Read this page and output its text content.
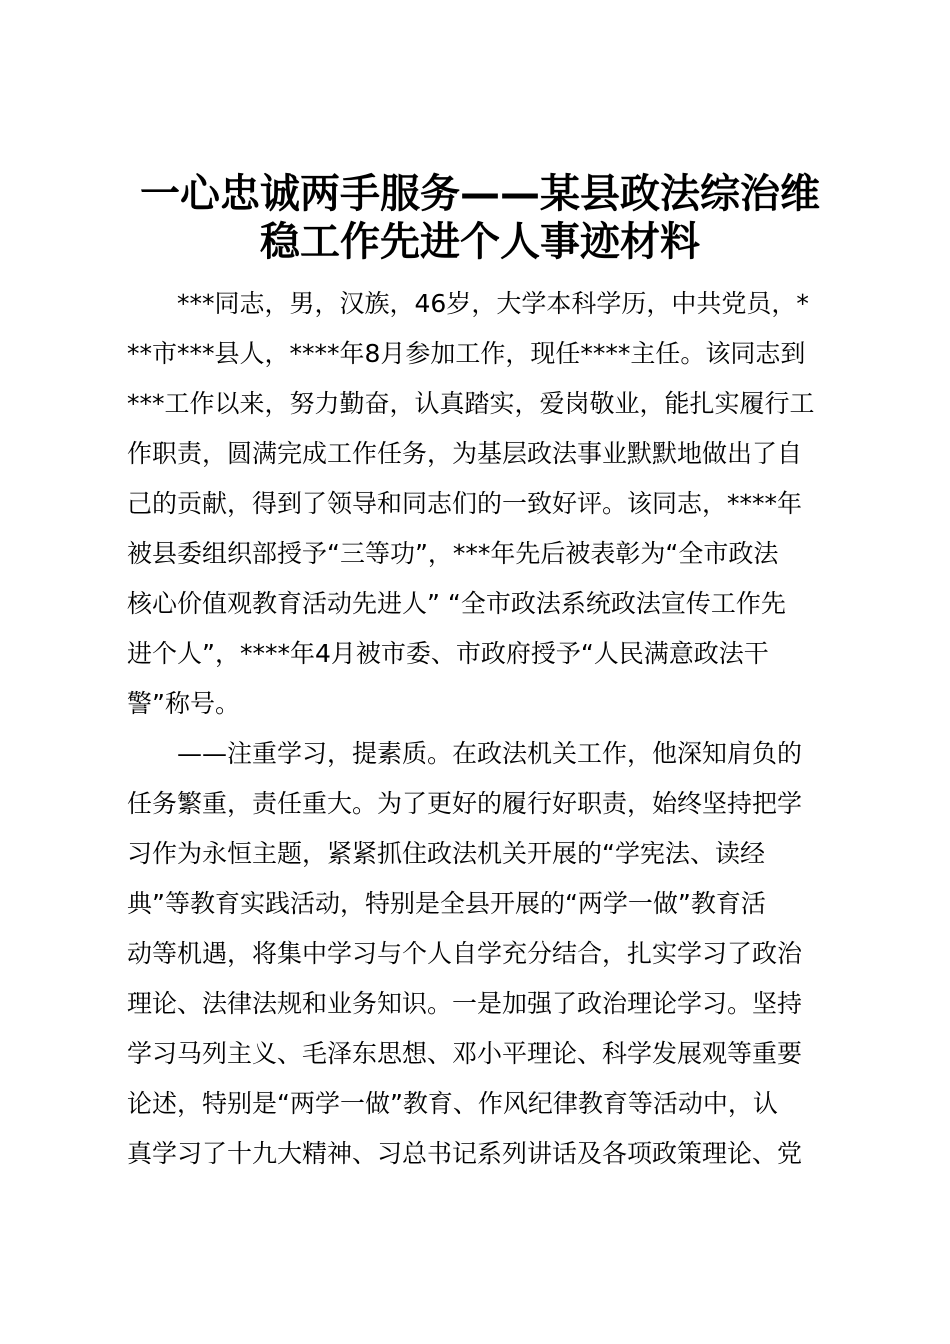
一心忠诚两手服务——某县政法综治维
稳工作先进个人事迹材料

　　***同志，男，汉族，46岁，大学本科学历，中共党员，*

**市***县人，****年8月参加工作，现任****主任。该同志到

***工作以来，努力勤奋，认真踏实，爱岗敬业，能扎实履行工

作职责，圆满完成工作任务，为基层政法事业默默地做出了自

己的贡献，得到了领导和同志们的一致好评。该同志，****年

被县委组织部授予“三等功”，***年先后被表彰为“全市政法

核心价值观教育活动先进人” “全市政法系统政法宣传工作先

进个人”，****年4月被市委、市政府授予“人民满意政法干

警”称号。

　　——注重学习，提素质。在政法机关工作，他深知肩负的

任务繁重，责任重大。为了更好的履行好职责，始终坚持把学

习作为永恒主题，紧紧抓住政法机关开展的“学宪法、读经

典”等教育实践活动，特别是全县开展的“两学一做”教育活

动等机遇，将集中学习与个人自学充分结合，扎实学习了政治

理论、法律法规和业务知识。一是加强了政治理论学习。坚持

学习马列主义、毛泽东思想、邓小平理论、科学发展观等重要

论述，特别是“两学一做”教育、作风纪律教育等活动中，认

真学习了十九大精神、习总书记系列讲话及各项政策理论、党
